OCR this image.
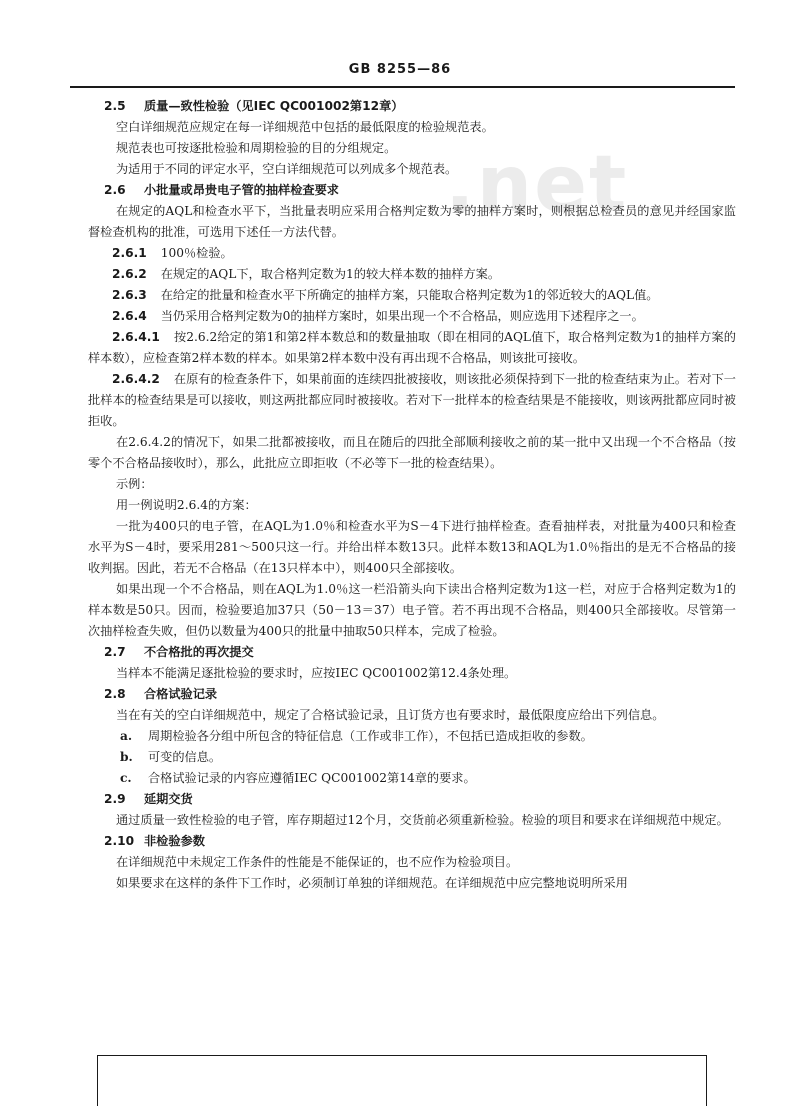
GB 8255—86
.net

2.5 质量—致性检验（见IEC QC001002第12章）

空白详细规范应规定在每一详细规范中包括的最低限度的检验规范表。

规范表也可按逐批检验和周期检验的目的分组规定。

为适用于不同的评定水平，空白详细规范可以列成多个规范表。

2.6 小批量或昂贵电子管的抽样检查要求

在规定的AQL和检查水平下，当批量表明应采用合格判定数为零的抽样方案时，则根据总检查员的意见并经国家监督检查机构的批准，可选用下述任一方法代替。

2.6.1 100％检验。

2.6.2 在规定的AQL下，取合格判定数为1的较大样本数的抽样方案。

2.6.3 在给定的批量和检查水平下所确定的抽样方案，只能取合格判定数为1的邻近较大的AQL值。

2.6.4 当仍采用合格判定数为0的抽样方案时，如果出现一个不合格品，则应选用下述程序之一。

2.6.4.1 按2.6.2给定的第1和第2样本数总和的数量抽取（即在相同的AQL值下，取合格判定数为1的抽样方案的样本数），应检查第2样本数的样本。如果第2样本数中没有再出现不合格品，则该批可接收。

2.6.4.2 在原有的检查条件下，如果前面的连续四批被接收，则该批必须保持到下一批的检查结束为止。若对下一批样本的检查结果是可以接收，则这两批都应同时被接收。若对下一批样本的检查结果是不能接收，则该两批都应同时被拒收。

在2.6.4.2的情况下，如果二批都被接收，而且在随后的四批全部顺利接收之前的某一批中又出现一个不合格品（按零个不合格品接收时），那么，此批应立即拒收（不必等下一批的检查结果）。

示例：

用一例说明2.6.4的方案：

一批为400只的电子管，在AQL为1.0％和检查水平为S－4下进行抽样检查。查看抽样表，对批量为400只和检查水平为S－4时，要采用281～500只这一行。并给出样本数13只。此样本数13和AQL为1.0％指出的是无不合格品的接收判据。因此，若无不合格品（在13只样本中），则400只全部接收。

如果出现一个不合格品，则在AQL为1.0％这一栏沿箭头向下读出合格判定数为1这一栏，对应于合格判定数为1的样本数是50只。因而，检验要追加37只（50－13＝37）电子管。若不再出现不合格品，则400只全部接收。尽管第一次抽样检查失败，但仍以数量为400只的批量中抽取50只样本，完成了检验。

2.7 不合格批的再次提交

当样本不能满足逐批检验的要求时，应按IEC QC001002第12.4条处理。

2.8 合格试验记录

当在有关的空白详细规范中，规定了合格试验记录，且订货方也有要求时，最低限度应给出下列信息。

a. 周期检验各分组中所包含的特征信息（工作或非工作），不包括已造成拒收的参数。

b. 可变的信息。

c. 合格试验记录的内容应遵循IEC QC001002第14章的要求。

2.9 延期交货

通过质量一致性检验的电子管，库存期超过12个月，交货前必须重新检验。检验的项目和要求在详细规范中规定。

2.10 非检验参数

在详细规范中未规定工作条件的性能是不能保证的，也不应作为检验项目。

如果要求在这样的条件下工作时，必须制订单独的详细规范。在详细规范中应完整地说明所采用
